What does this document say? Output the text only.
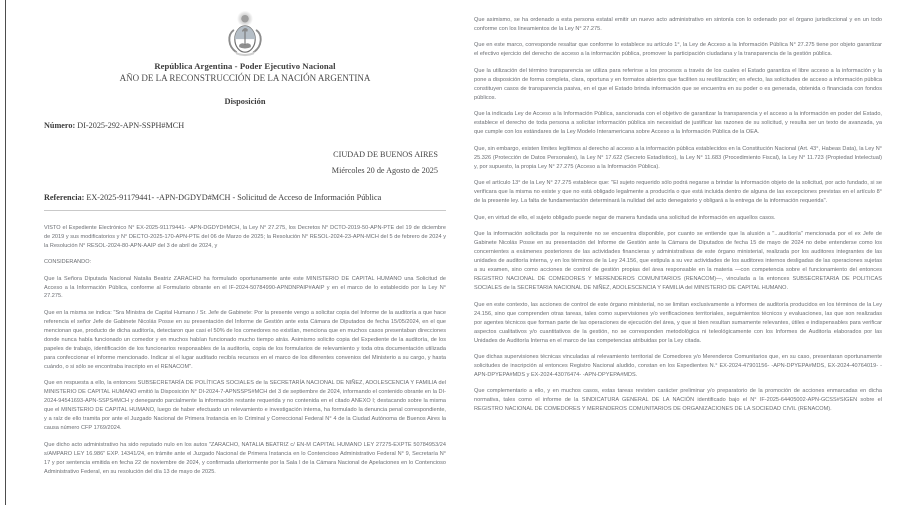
República Argentina - Poder Ejecutivo Nacional
AÑO DE LA RECONSTRUCCIÓN DE LA NACIÓN ARGENTINA
Disposición
Número: DI-2025-292-APN-SSPH#MCH
CIUDAD DE BUENOS AIRES
Miércoles 20 de Agosto de 2025
Referencia: EX-2025-91179441- -APN-DGDYD#MCH - Solicitud de Acceso de Información Pública

VISTO el Expediente Electrónico N° EX-2025-91179441- -APN-DGDYD#MCH, la Ley N° 27.275, los Decretos N° DCTO-2019-50-APN-PTE del 19 de diciembre de 2019 y sus modificatorios y N° DECTO-2025-170-APN-PTE del 06 de Marzo de 2025; la Resolución N° RESOL-2024-23-APN-MCH del 5 de febrero de 2024 y la Resolución N° RESOL-2024-80-APN-AAIP del 3 de abril de 2024, y

CONSIDERANDO:

Que la Señora Diputada Nacional Natalia Beatriz ZARACHO ha formulado oportunamente ante este MINISTERIO DE CAPITAL HUMANO una Solicitud de Acceso a la Información Pública, conforme al Formulario obrante en el IF-2024-50784990-APNDNPAIP#AAIP y en el marco de lo establecido por la Ley N° 27.275.

Que en la misma se indica: "Sra Ministra de Capital Humano / Sr. Jefe de Gabinete: Por la presente vengo a solicitar copia del Informe de la auditoría a que hace referencia el señor Jefe de Gabinete Nicolás Posse en su presentación del Informe de Gestión ante esta Cámara de Diputados de fecha 15/05/2024, en el que mencionan que, producto de dicha auditoría, detectaron que casi el 50% de los comedores no existían, menciona que en muchos casos presentaban direcciones donde nunca había funcionado un comedor y en muchos habían funcionado mucho tiempo atrás. Asimismo solicito copia del Expediente de la auditoría, de los papeles de trabajo, identificación de los funcionarios responsables de la auditoría, copia de los formularios de relevamiento y toda otra documentación utilizada para confeccionar el informe mencionado. Indicar si el lugar auditado recibía recursos en el marco de los diferentes convenios del Ministerio a su cargo, y hasta cuándo, o si sólo se encontraba inscripto en el RENACOM".

Que en respuesta a ello, la entonces SUBSECRETARÍA DE POLÍTICAS SOCIALES de la SECRETARÍA NACIONAL DE NIÑEZ, ADOLESCENCIA Y FAMILIA del MINISTERIO DE CAPITAL HUMANO emitió la Disposición N° DI-2024-7-APNSSPS#MCH del 3 de septiembre de 2024, informando el contenido obrante en la DI-2024-94541693-APN-SSPS#MCH y denegando parcialmente la información restante requerida y no contenida en el citado ANEXO I; destacando sobre la misma que el MINISTERIO DE CAPITAL HUMANO, luego de haber efectuado un relevamiento e investigación interna, ha formulado la denuncia penal correspondiente, y a raíz de ello tramita por ante el Juzgado Nacional de Primera Instancia en lo Criminal y Correccional Federal N° 4 de la Ciudad Autónoma de Buenos Aires la causa número CFP 1769/2024.

Que dicho acto administrativo ha sido reputado nulo en los autos "ZARACHO, NATALIA BEATRIZ c/ EN-M CAPITAL HUMANO LEY 27275-EXPTE 50784953/24 s/AMPARO LEY 16.986" EXP. 14341/24, en trámite ante el Juzgado Nacional de Primera Instancia en lo Contencioso Administrativo Federal N° 9, Secretaría N° 17 y por sentencia emitida en fecha 22 de noviembre de 2024, y confirmada ulteriormente por la Sala I de la Cámara Nacional de Apelaciones en lo Contencioso Administrativo Federal, en su resolución del día 13 de mayo de 2025.

Que asimismo, se ha ordenado a esta persona estatal emitir un nuevo acto administrativo en sintonía con lo ordenado por el órgano jurisdiccional y en un todo conforme con los lineamientos de la Ley N° 27.275.

Que en este marco, corresponde resaltar que conforme lo establece su artículo 1°, la Ley de Acceso a la Información Pública N° 27.275 tiene por objeto garantizar el efectivo ejercicio del derecho de acceso a la información pública, promover la participación ciudadana y la transparencia de la gestión pública.

Que la utilización del término transparencia se utiliza para referirse a los procesos a través de los cuales el Estado garantiza el libre acceso a la información y la pone a disposición de forma completa, clara, oportuna y en formatos abiertos que faciliten su reutilización; en efecto, las solicitudes de acceso a información pública constituyen casos de transparencia pasiva, en el que el Estado brinda información que se encuentra en su poder o es generada, obtenida o financiada con fondos públicos.

Que la indicada Ley de Acceso a la Información Pública, sancionada con el objetivo de garantizar la transparencia y el acceso a la información en poder del Estado, establece el derecho de toda persona a solicitar información pública sin necesidad de justificar las razones de su solicitud, y resulta ser un texto de avanzada, ya que cumple con los estándares de la Ley Modelo Interamericana sobre Acceso a la Información Pública de la OEA.

Que, sin embargo, existen límites legítimos al derecho al acceso a la información pública establecidos en la Constitución Nacional (Art. 43°, Habeas Data), la Ley N° 25.326 (Protección de Datos Personales), la Ley N° 17.622 (Secreto Estadístico), la Ley N° 11.683 (Procedimiento Fiscal), la Ley N° 11.723 (Propiedad Intelectual) y, por supuesto, la propia Ley N° 27.275 (Acceso a la Información Pública).

Que el artículo 13° de la Ley N° 27.275 establece que: "El sujeto requerido sólo podrá negarse a brindar la información objeto de la solicitud, por acto fundado, si se verificara que la misma no existe y que no está obligado legalmente a producirla o que está incluida dentro de alguna de las excepciones previstas en el artículo 8° de la presente ley. La falta de fundamentación determinará la nulidad del acto denegatorio y obligará a la entrega de la información requerida".

Que, en virtud de ello, el sujeto obligado puede negar de manera fundada una solicitud de información en aquellos casos.

Que la información solicitada por la requirente no se encuentra disponible, por cuanto se entiende que la alusión a "...auditoría" mencionada por el ex Jefe de Gabinete Nicolás Posse en su presentación del Informe de Gestión ante la Cámara de Diputados de fecha 15 de mayo de 2024 no debe entenderse como los concernientes a exámenes posteriores de las actividades financieras y administrativas de este órgano ministerial, realizada por los auditores integrantes de las unidades de auditoría interna, y en los términos de la Ley 24.156, que estipula a su vez actividades de los auditores internos desligadas de las operaciones sujetas a su examen, sino como acciones de control de gestión propias del área responsable en la materia —con competencia sobre el funcionamiento del entonces REGISTRO NACIONAL DE COMEDORES Y MERENDEROS COMUNITARIOS (RENACOM)—, vinculada a la entonces SUBSECRETARIA DE POLITICAS SOCIALES de la SECRETARIA NACIONAL DE NIÑEZ, ADOLESCENCIA Y FAMILIA del MINISTERIO DE CAPITAL HUMANO.

Que en este contexto, las acciones de control de este órgano ministerial, no se limitan exclusivamente a informes de auditoría producidos en los términos de la Ley 24.156, sino que comprenden otras tareas, tales como supervisiones y/o verificaciones territoriales, seguimientos técnicos y evaluaciones, las que son realizadas por agentes técnicos que forman parte de las operaciones de ejecución del área, y que si bien resultan sumamente relevantes, útiles e indispensables para verificar aspectos cualitativos y/o cuantitativos de la gestión, no se corresponden metodológica ni teleológicamente con los Informes de Auditoría elaborados por las Unidades de Auditoría Interna en el marco de las competencias atribuidas por la Ley citada.

Que dichas supervisiones técnicas vinculadas al relevamiento territorial de Comedores y/o Merenderos Comunitarios que, en su caso, presentaran oportunamente solicitudes de inscripción al entonces Registro Nacional aludido, constan en los Expedientes N.° EX-2024-47901156- -APN-DPYEPA#MDS, EX-2024-40764019- -APN-DPYEPA#MDS y EX-2024-43076474- -APN-DPYEPA#MDS.

Que complementario a ello, y en muchos casos, estas tareas revisten carácter preliminar y/o preparatorio de la promoción de acciones enmarcadas en dicha normativa, tales como el informe de la SINDICATURA GENERAL DE LA NACIÓN identificado bajo el N° IF-2025-64405002-APN-GCSS#SIGEN sobre el REGISTRO NACIONAL DE COMEDORES Y MERENDEROS COMUNITARIOS DE ORGANIZACIONES DE LA SOCIEDAD CIVIL (RENACOM).
